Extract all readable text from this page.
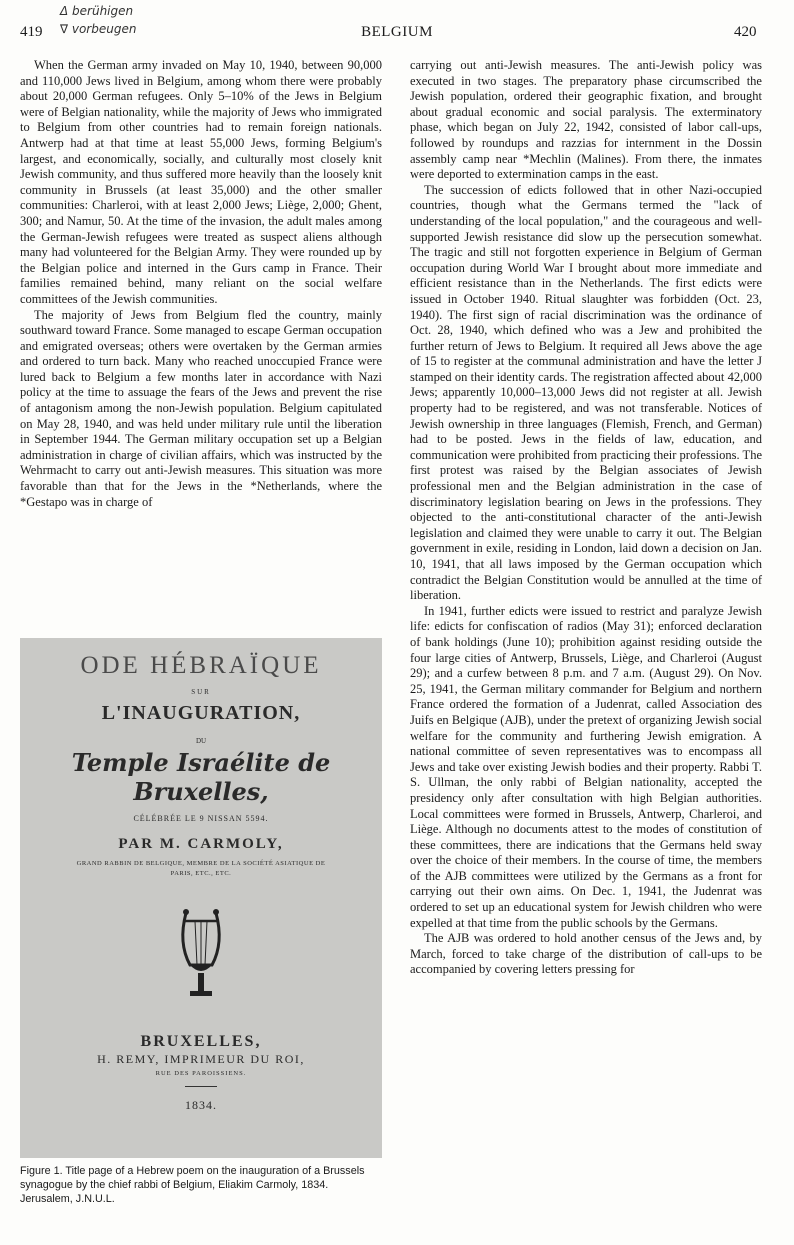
Δ berühigen
∇ vorbeugen
419	BELGIUM	420

When the German army invaded on May 10, 1940, between 90,000 and 110,000 Jews lived in Belgium, among whom there were probably about 20,000 German refugees. Only 5–10% of the Jews in Belgium were of Belgian nationality, while the majority of Jews who immigrated to Belgium from other countries had to remain foreign nationals. Antwerp had at that time at least 55,000 Jews, forming Belgium's largest, and economically, socially, and culturally most closely knit Jewish community, and thus suffered more heavily than the loosely knit community in Brussels (at least 35,000) and the other smaller communities: Charleroi, with at least 2,000 Jews; Liège, 2,000; Ghent, 300; and Namur, 50. At the time of the invasion, the adult males among the German-Jewish refugees were treated as suspect aliens although many had volunteered for the Belgian Army. They were rounded up by the Belgian police and interned in the Gurs camp in France. Their families remained behind, many reliant on the social welfare committees of the Jewish communities.

The majority of Jews from Belgium fled the country, mainly southward toward France. Some managed to escape German occupation and emigrated overseas; others were overtaken by the German armies and ordered to turn back. Many who reached unoccupied France were lured back to Belgium a few months later in accordance with Nazi policy at the time to assuage the fears of the Jews and prevent the rise of antagonism among the non-Jewish population. Belgium capitulated on May 28, 1940, and was held under military rule until the liberation in September 1944. The German military occupation set up a Belgian administration in charge of civilian affairs, which was instructed by the Wehrmacht to carry out anti-Jewish measures. This situation was more favorable than that for the Jews in the *Netherlands, where the *Gestapo was in charge of

ODE HÉBRAÏQUE
SUR
L'INAUGURATION,
DU
Temple Israélite de Bruxelles,
CÉLÉBRÉE LE 9 NISSAN 5594.
PAR M. CARMOLY,
GRAND RABBIN DE BELGIQUE, MEMBRE DE LA SOCIÉTÉ ASIATIQUE DE
PARIS, ETC., ETC.
BRUXELLES,
H. REMY, IMPRIMEUR DU ROI,
RUE DES PAROISSIENS.
1834.
Figure 1. Title page of a Hebrew poem on the inauguration of a Brussels synagogue by the chief rabbi of Belgium, Eliakim Carmoly, 1834. Jerusalem, J.N.U.L.

carrying out anti-Jewish measures. The anti-Jewish policy was executed in two stages. The preparatory phase circumscribed the Jewish population, ordered their geographic fixation, and brought about gradual economic and social paralysis. The exterminatory phase, which began on July 22, 1942, consisted of labor call-ups, followed by roundups and razzias for internment in the Dossin assembly camp near *Mechlin (Malines). From there, the inmates were deported to extermination camps in the east.

The succession of edicts followed that in other Nazi-occupied countries, though what the Germans termed the "lack of understanding of the local population," and the courageous and well-supported Jewish resistance did slow up the persecution somewhat. The tragic and still not forgotten experience in Belgium of German occupation during World War I brought about more immediate and efficient resistance than in the Netherlands. The first edicts were issued in October 1940. Ritual slaughter was forbidden (Oct. 23, 1940). The first sign of racial discrimination was the ordinance of Oct. 28, 1940, which defined who was a Jew and prohibited the further return of Jews to Belgium. It required all Jews above the age of 15 to register at the communal administration and have the letter J stamped on their identity cards. The registration affected about 42,000 Jews; apparently 10,000–13,000 Jews did not register at all. Jewish property had to be registered, and was not transferable. Notices of Jewish ownership in three languages (Flemish, French, and German) had to be posted. Jews in the fields of law, education, and communication were prohibited from practicing their professions. The first protest was raised by the Belgian associates of Jewish professional men and the Belgian administration in the case of discriminatory legislation bearing on Jews in the professions. They objected to the anti-constitutional character of the anti-Jewish legislation and claimed they were unable to carry it out. The Belgian government in exile, residing in London, laid down a decision on Jan. 10, 1941, that all laws imposed by the German occupation which contradict the Belgian Constitution would be annulled at the time of liberation.

In 1941, further edicts were issued to restrict and paralyze Jewish life: edicts for confiscation of radios (May 31); enforced declaration of bank holdings (June 10); prohibition against residing outside the four large cities of Antwerp, Brussels, Liège, and Charleroi (August 29); and a curfew between 8 p.m. and 7 a.m. (August 29). On Nov. 25, 1941, the German military commander for Belgium and northern France ordered the formation of a Judenrat, called Association des Juifs en Belgique (AJB), under the pretext of organizing Jewish social welfare for the community and furthering Jewish emigration. A national committee of seven representatives was to encompass all Jews and take over existing Jewish bodies and their property. Rabbi T. S. Ullman, the only rabbi of Belgian nationality, accepted the presidency only after consultation with high Belgian authorities. Local committees were formed in Brussels, Antwerp, Charleroi, and Liège. Although no documents attest to the modes of constitution of these committees, there are indications that the Germans held sway over the choice of their members. In the course of time, the members of the AJB committees were utilized by the Germans as a front for carrying out their own aims. On Dec. 1, 1941, the Judenrat was ordered to set up an educational system for Jewish children who were expelled at that time from the public schools by the Germans.

The AJB was ordered to hold another census of the Jews and, by March, forced to take charge of the distribution of call-ups to be accompanied by covering letters pressing for
